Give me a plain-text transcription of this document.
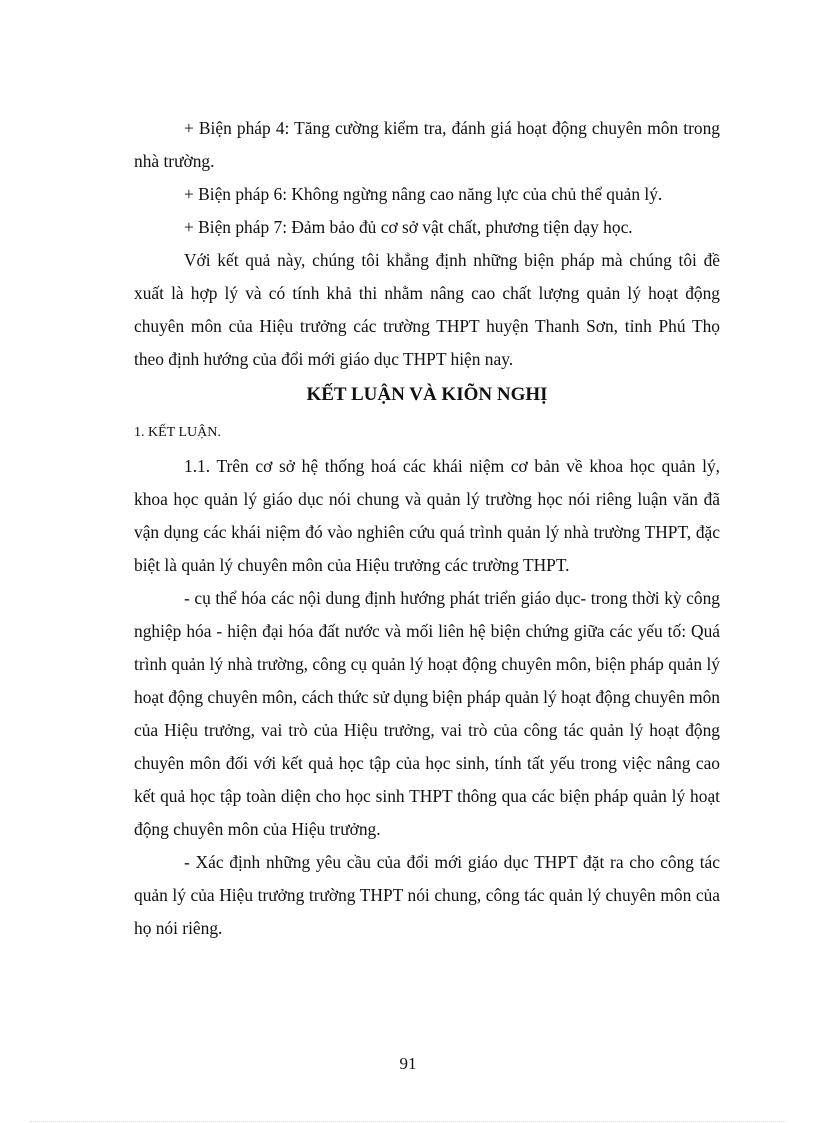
+ Biện pháp 4: Tăng cường kiểm tra, đánh giá hoạt động chuyên môn trong nhà trường.

+ Biện pháp 6: Không ngừng nâng cao năng lực của chủ thể quản lý.

+ Biện pháp 7: Đảm bảo đủ cơ sở vật chất, phương tiện dạy học.

Với kết quả này, chúng tôi khẳng định những biện pháp mà chúng tôi đề xuất là hợp lý và có tính khả thi nhằm nâng cao chất lượng quản lý hoạt động chuyên môn của Hiệu trưởng các trường THPT huyện Thanh Sơn, tỉnh Phú Thọ theo định hướng của đổi mới giáo dục THPT hiện nay.

KẾT LUẬN VÀ KIÕN NGHỊ

1. KẾT LUẬN.

1.1. Trên cơ sở hệ thống hoá các khái niệm cơ bản về khoa học quản lý, khoa học quản lý giáo dục nói chung và quản lý trường học nói riêng luận văn đã vận dụng các khái niệm đó vào nghiên cứu quá trình quản lý nhà trường THPT, đặc biệt là quản lý chuyên môn của Hiệu trưởng các trường THPT.

- cụ thể hóa các nội dung định hướng phát triển giáo dục- trong thời kỳ công nghiệp hóa - hiện đại hóa đất nước và mối liên hệ biện chứng giữa các yếu tố: Quá trình quản lý nhà trường, công cụ quản lý hoạt động chuyên môn, biện pháp quản lý hoạt động chuyên môn, cách thức sử dụng biện pháp quản lý hoạt động chuyên môn của Hiệu trưởng, vai trò của Hiệu trưởng, vai trò của công tác quản lý hoạt động chuyên môn đối với kết quả học tập của học sinh, tính tất yếu trong việc nâng cao kết quả học tập toàn diện cho học sinh THPT thông qua các biện pháp quản lý hoạt động chuyên môn của Hiệu trưởng.

- Xác định những yêu cầu của đổi mới giáo dục THPT đặt ra cho công tác quản lý của Hiệu trưởng trường THPT nói chung, công tác quản lý chuyên môn của họ nói riêng.

91
